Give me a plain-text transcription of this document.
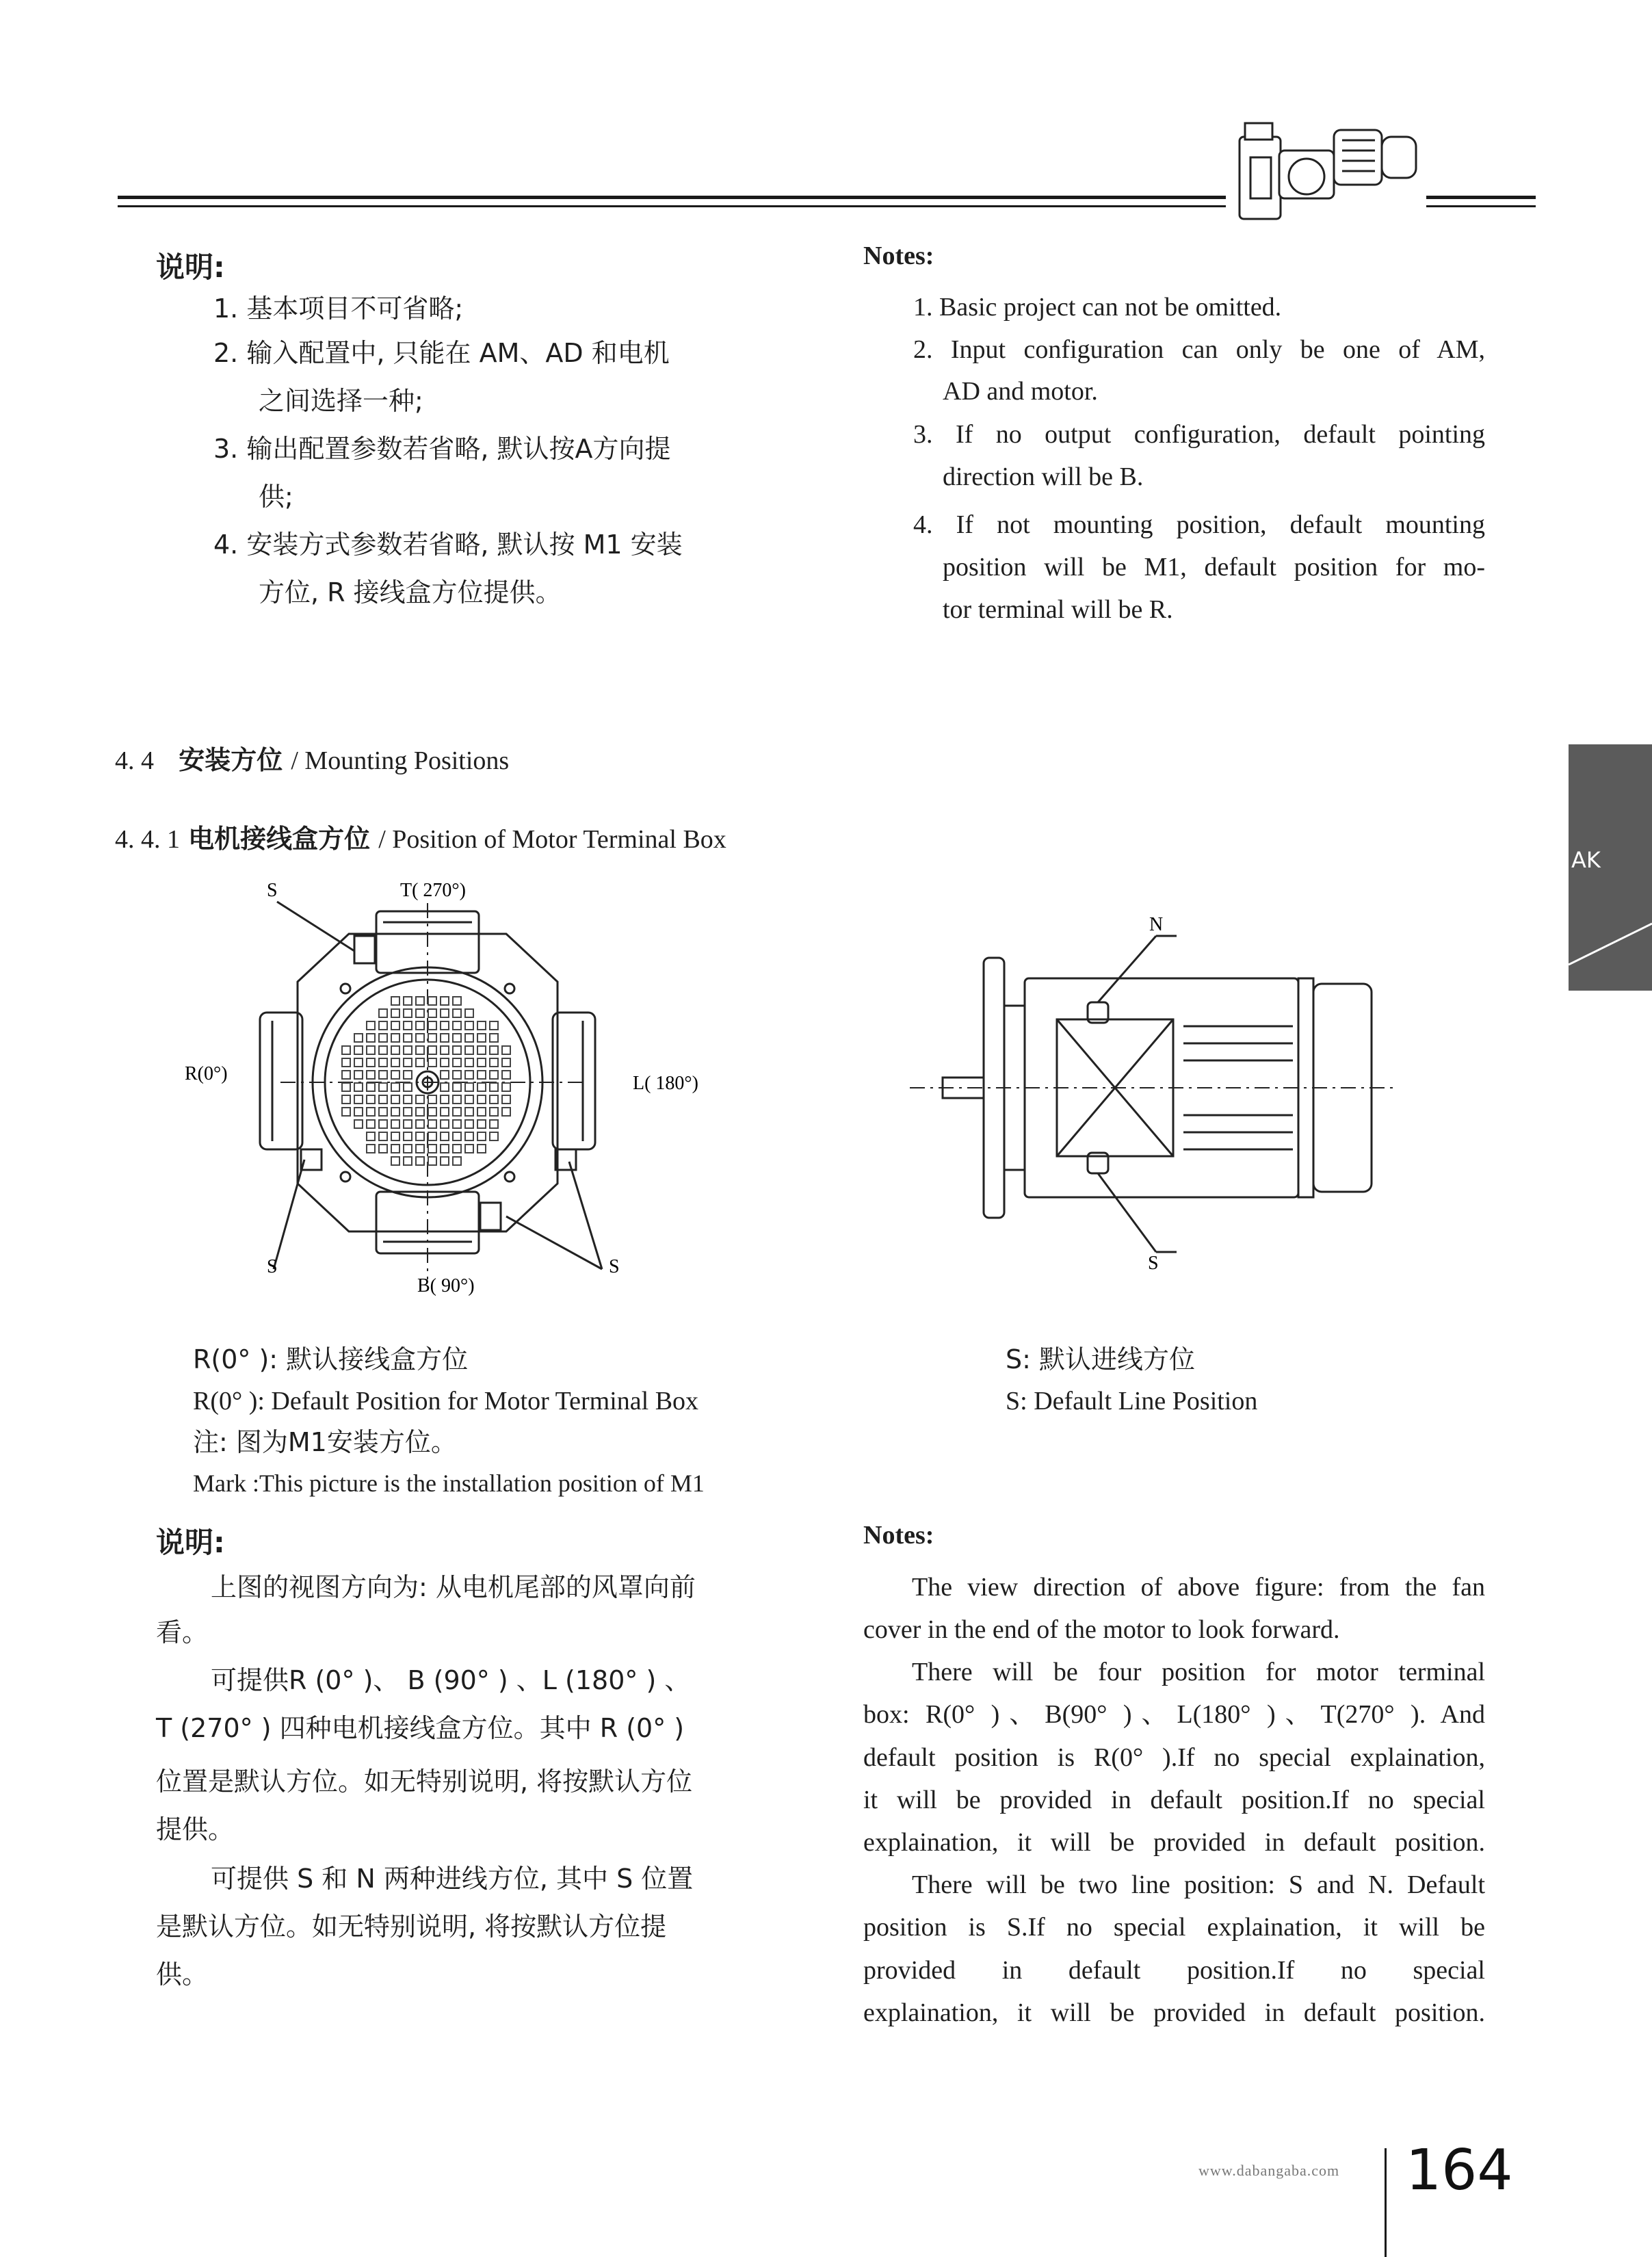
AK
说明:
1. 基本项目不可省略;
2. 输入配置中, 只能在 AM、AD 和电机
之间选择一种;
3. 输出配置参数若省略, 默认按A方向提
供;
4. 安装方式参数若省略, 默认按 M1 安装
方位, R 接线盒方位提供。
Notes:
1. Basic project can not be omitted.
2. Input configuration can only be one of AM,
AD and motor.
3. If no output configuration, default pointing
direction will be B.
4. If not mounting position, default mounting
position will be M1, default position for mo-
tor terminal will be R.
4. 4 安装方位 / Mounting Positions
4. 4. 1 电机接线盒方位 / Position of Motor Terminal Box
S	T( 270°)
R(0°)	L( 180°)
S	S
B( 90°)
N
S
R(0° ): 默认接线盒方位
R(0° ): Default Position for Motor Terminal Box
注: 图为M1安装方位。
Mark :This picture is the installation position of M1
S: 默认进线方位
S: Default Line Position
说明:
上图的视图方向为: 从电机尾部的风罩向前
看。
可提供R (0° )、 B (90° ) 、L (180° ) 、
T (270° ) 四种电机接线盒方位。其中 R (0° )
位置是默认方位。如无特别说明, 将按默认方位
提供。
可提供 S 和 N 两种进线方位, 其中 S 位置
是默认方位。如无特别说明, 将按默认方位提
供。
Notes:
The view direction of above figure: from the fan
cover in the end of the motor to look forward.
There will be four position for motor terminal
box: R(0° )、B(90° )、L(180° )、T(270° ). And
default position is R(0° ).If no special explaination,
it will be provided in default position.If no special
explaination, it will be provided in default position.
There will be two line position: S and N. Default
position is S.If no special explaination, it will be
provided in default position.If no special
explaination, it will be provided in default position.
www.dabangaba.com 164
